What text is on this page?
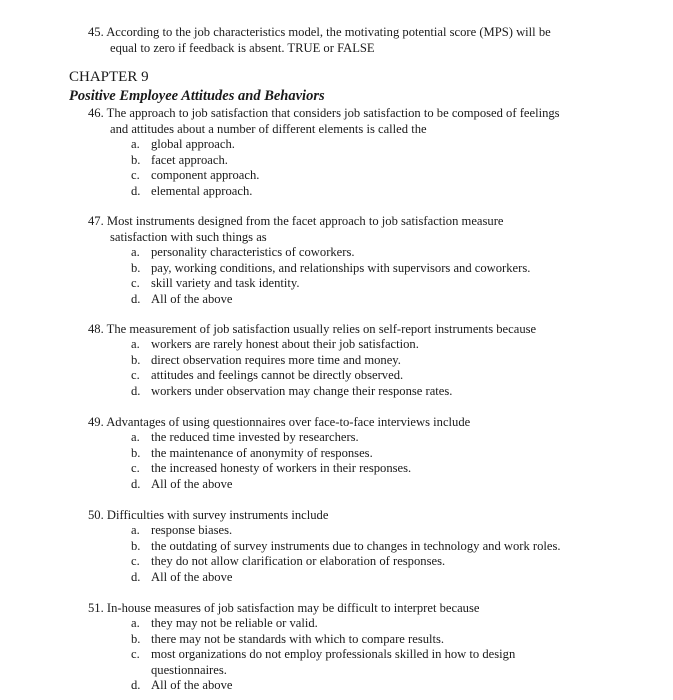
45. According to the job characteristics model, the motivating potential score (MPS) will be
equal to zero if feedback is absent. TRUE or FALSE
CHAPTER 9
Positive Employee Attitudes and Behaviors
46. The approach to job satisfaction that considers job satisfaction to be composed of feelings
and attitudes about a number of different elements is called the
a. global approach.
b. facet approach.
c. component approach.
d. elemental approach.
47. Most instruments designed from the facet approach to job satisfaction measure
satisfaction with such things as
a. personality characteristics of coworkers.
b. pay, working conditions, and relationships with supervisors and coworkers.
c. skill variety and task identity.
d. All of the above
48. The measurement of job satisfaction usually relies on self-report instruments because
a. workers are rarely honest about their job satisfaction.
b. direct observation requires more time and money.
c. attitudes and feelings cannot be directly observed.
d. workers under observation may change their response rates.
49. Advantages of using questionnaires over face-to-face interviews include
a. the reduced time invested by researchers.
b. the maintenance of anonymity of responses.
c. the increased honesty of workers in their responses.
d. All of the above
50. Difficulties with survey instruments include
a. response biases.
b. the outdating of survey instruments due to changes in technology and work roles.
c. they do not allow clarification or elaboration of responses.
d. All of the above
51. In-house measures of job satisfaction may be difficult to interpret because
a. they may not be reliable or valid.
b. there may not be standards with which to compare results.
c. most organizations do not employ professionals skilled in how to design
questionnaires.
d. All of the above
